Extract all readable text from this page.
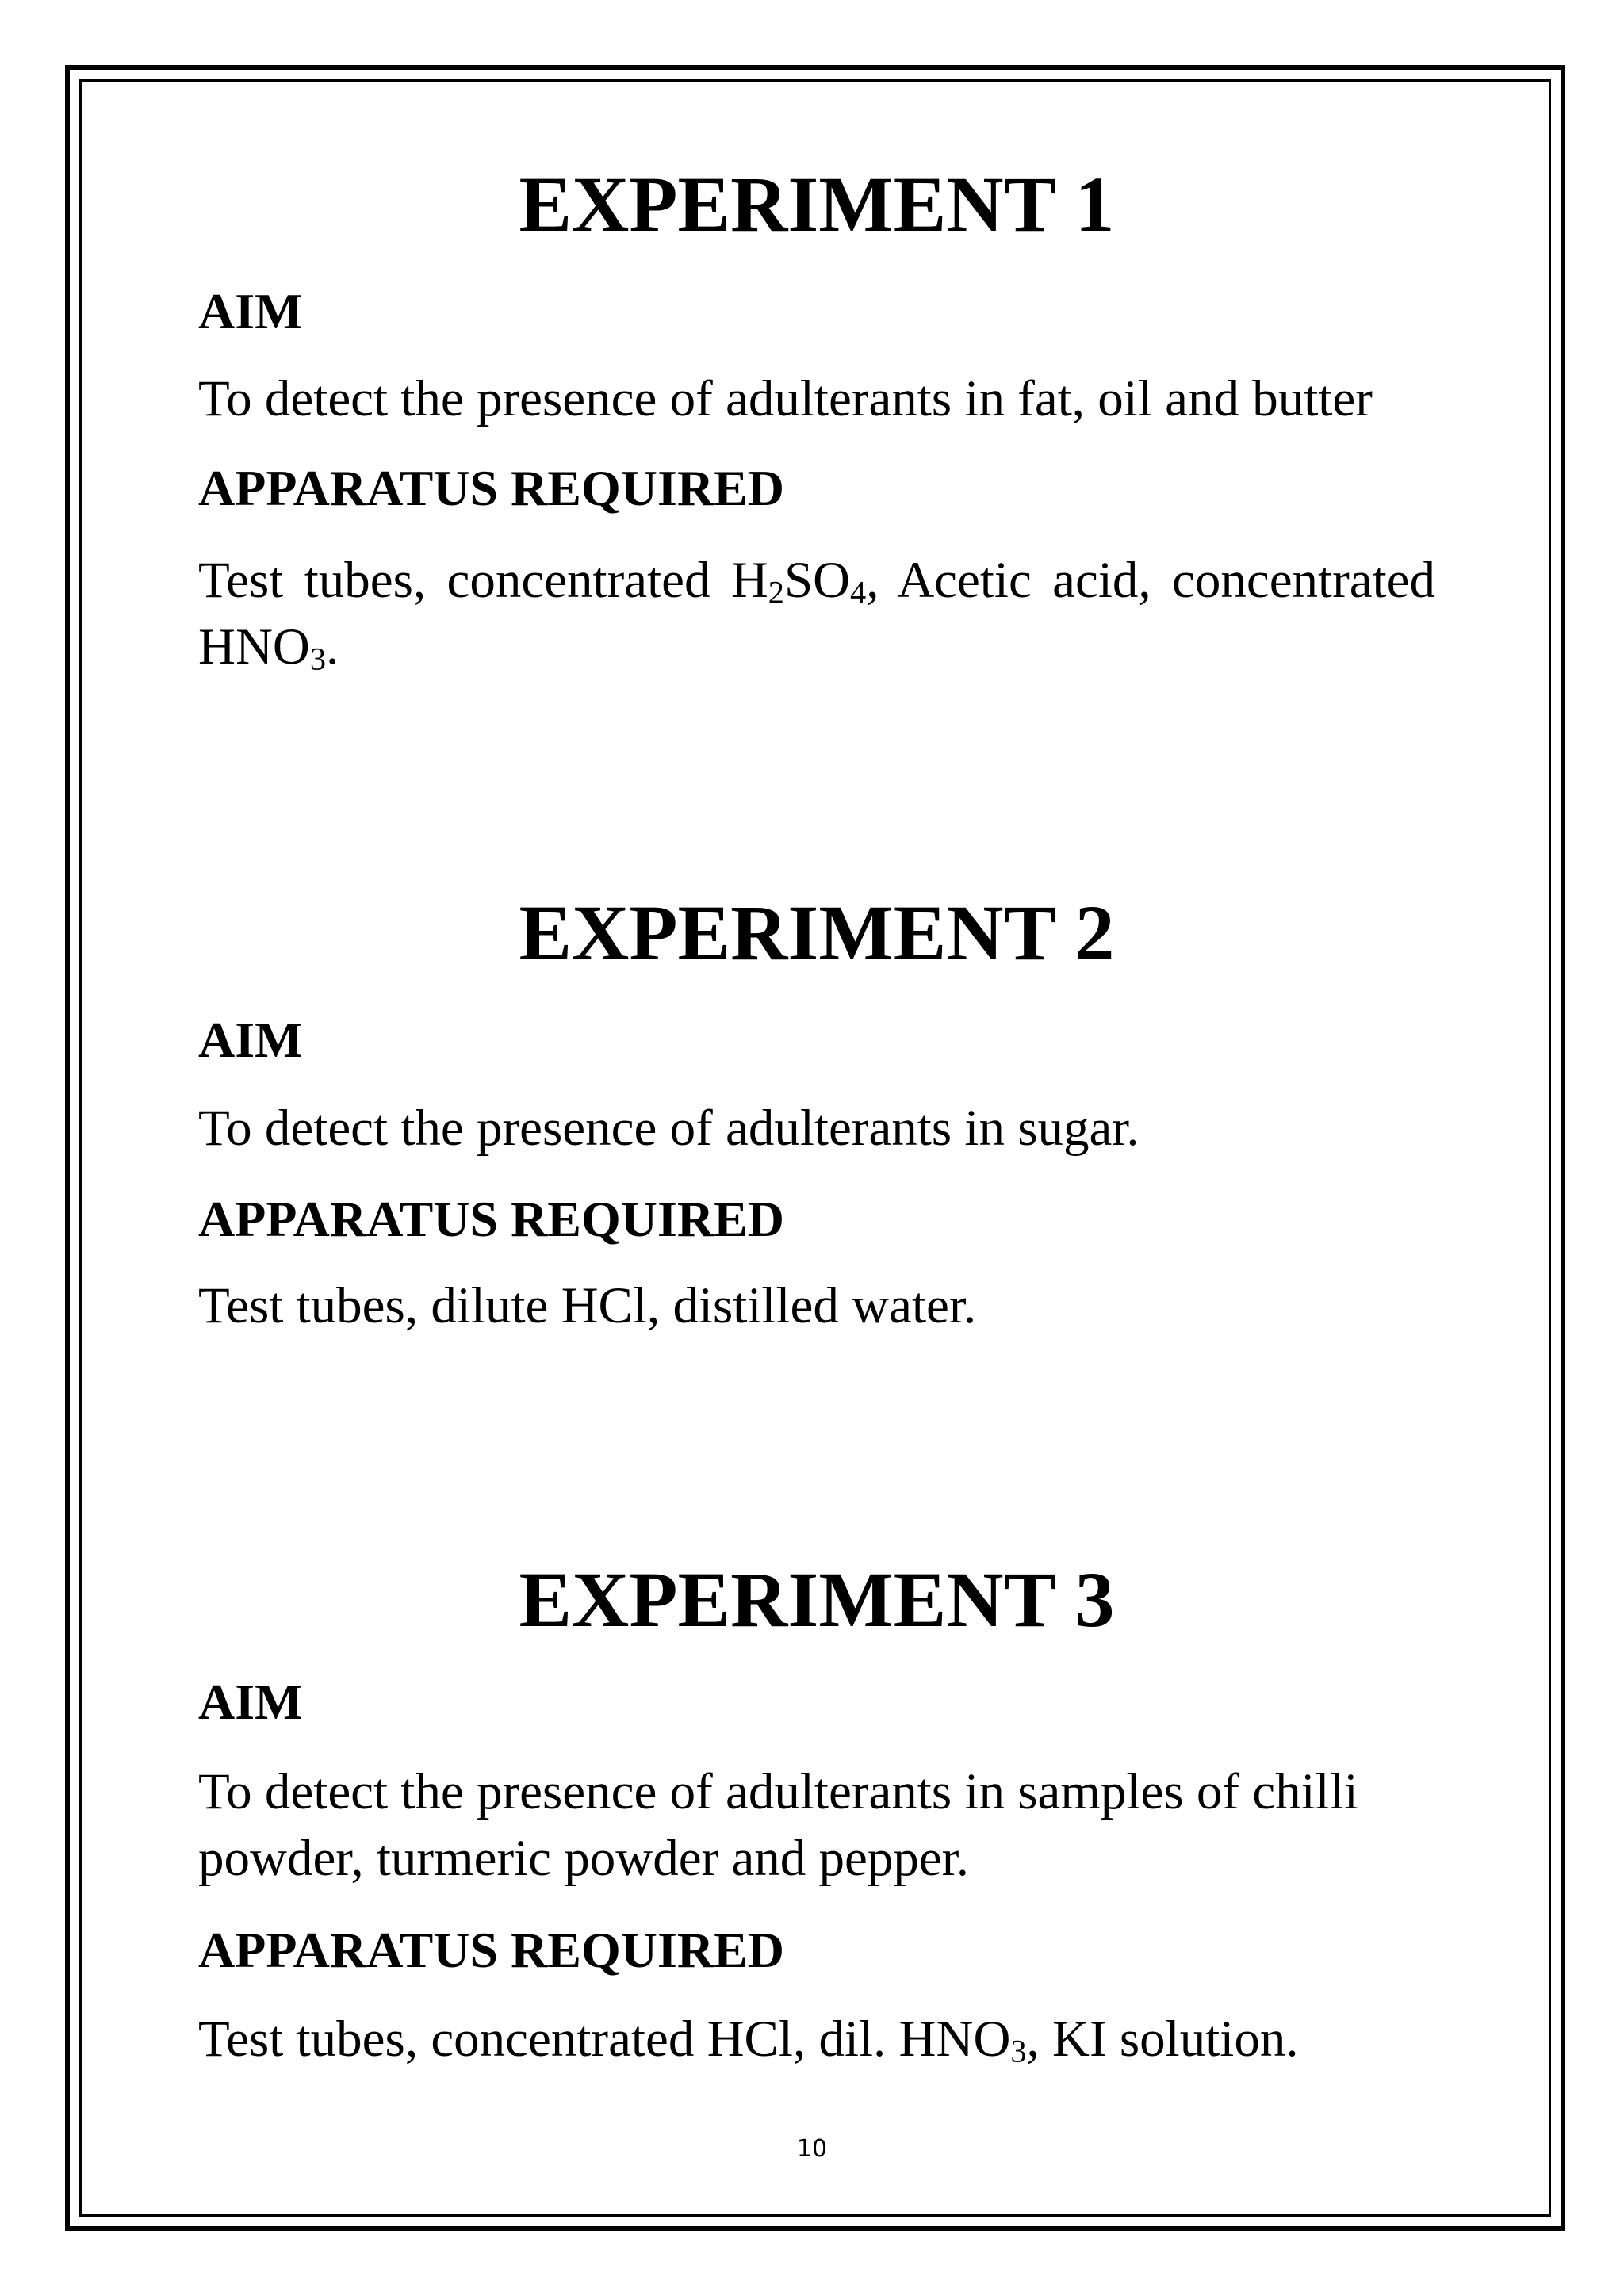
EXPERIMENT 1
AIM

To detect the presence of adulterants in fat, oil and butter

APPARATUS REQUIRED

Test tubes, concentrated $H_2SO_4$, Acetic acid, concentrated $HNO_3$.

EXPERIMENT 2
AIM

To detect the presence of adulterants in sugar.

APPARATUS REQUIRED

Test tubes, dilute HCl, distilled water.

EXPERIMENT 3
AIM

To detect the presence of adulterants in samples of chilli powder, turmeric powder and pepper.

APPARATUS REQUIRED

Test tubes, concentrated HCl, dil. $HNO_3$, KI solution.

10
